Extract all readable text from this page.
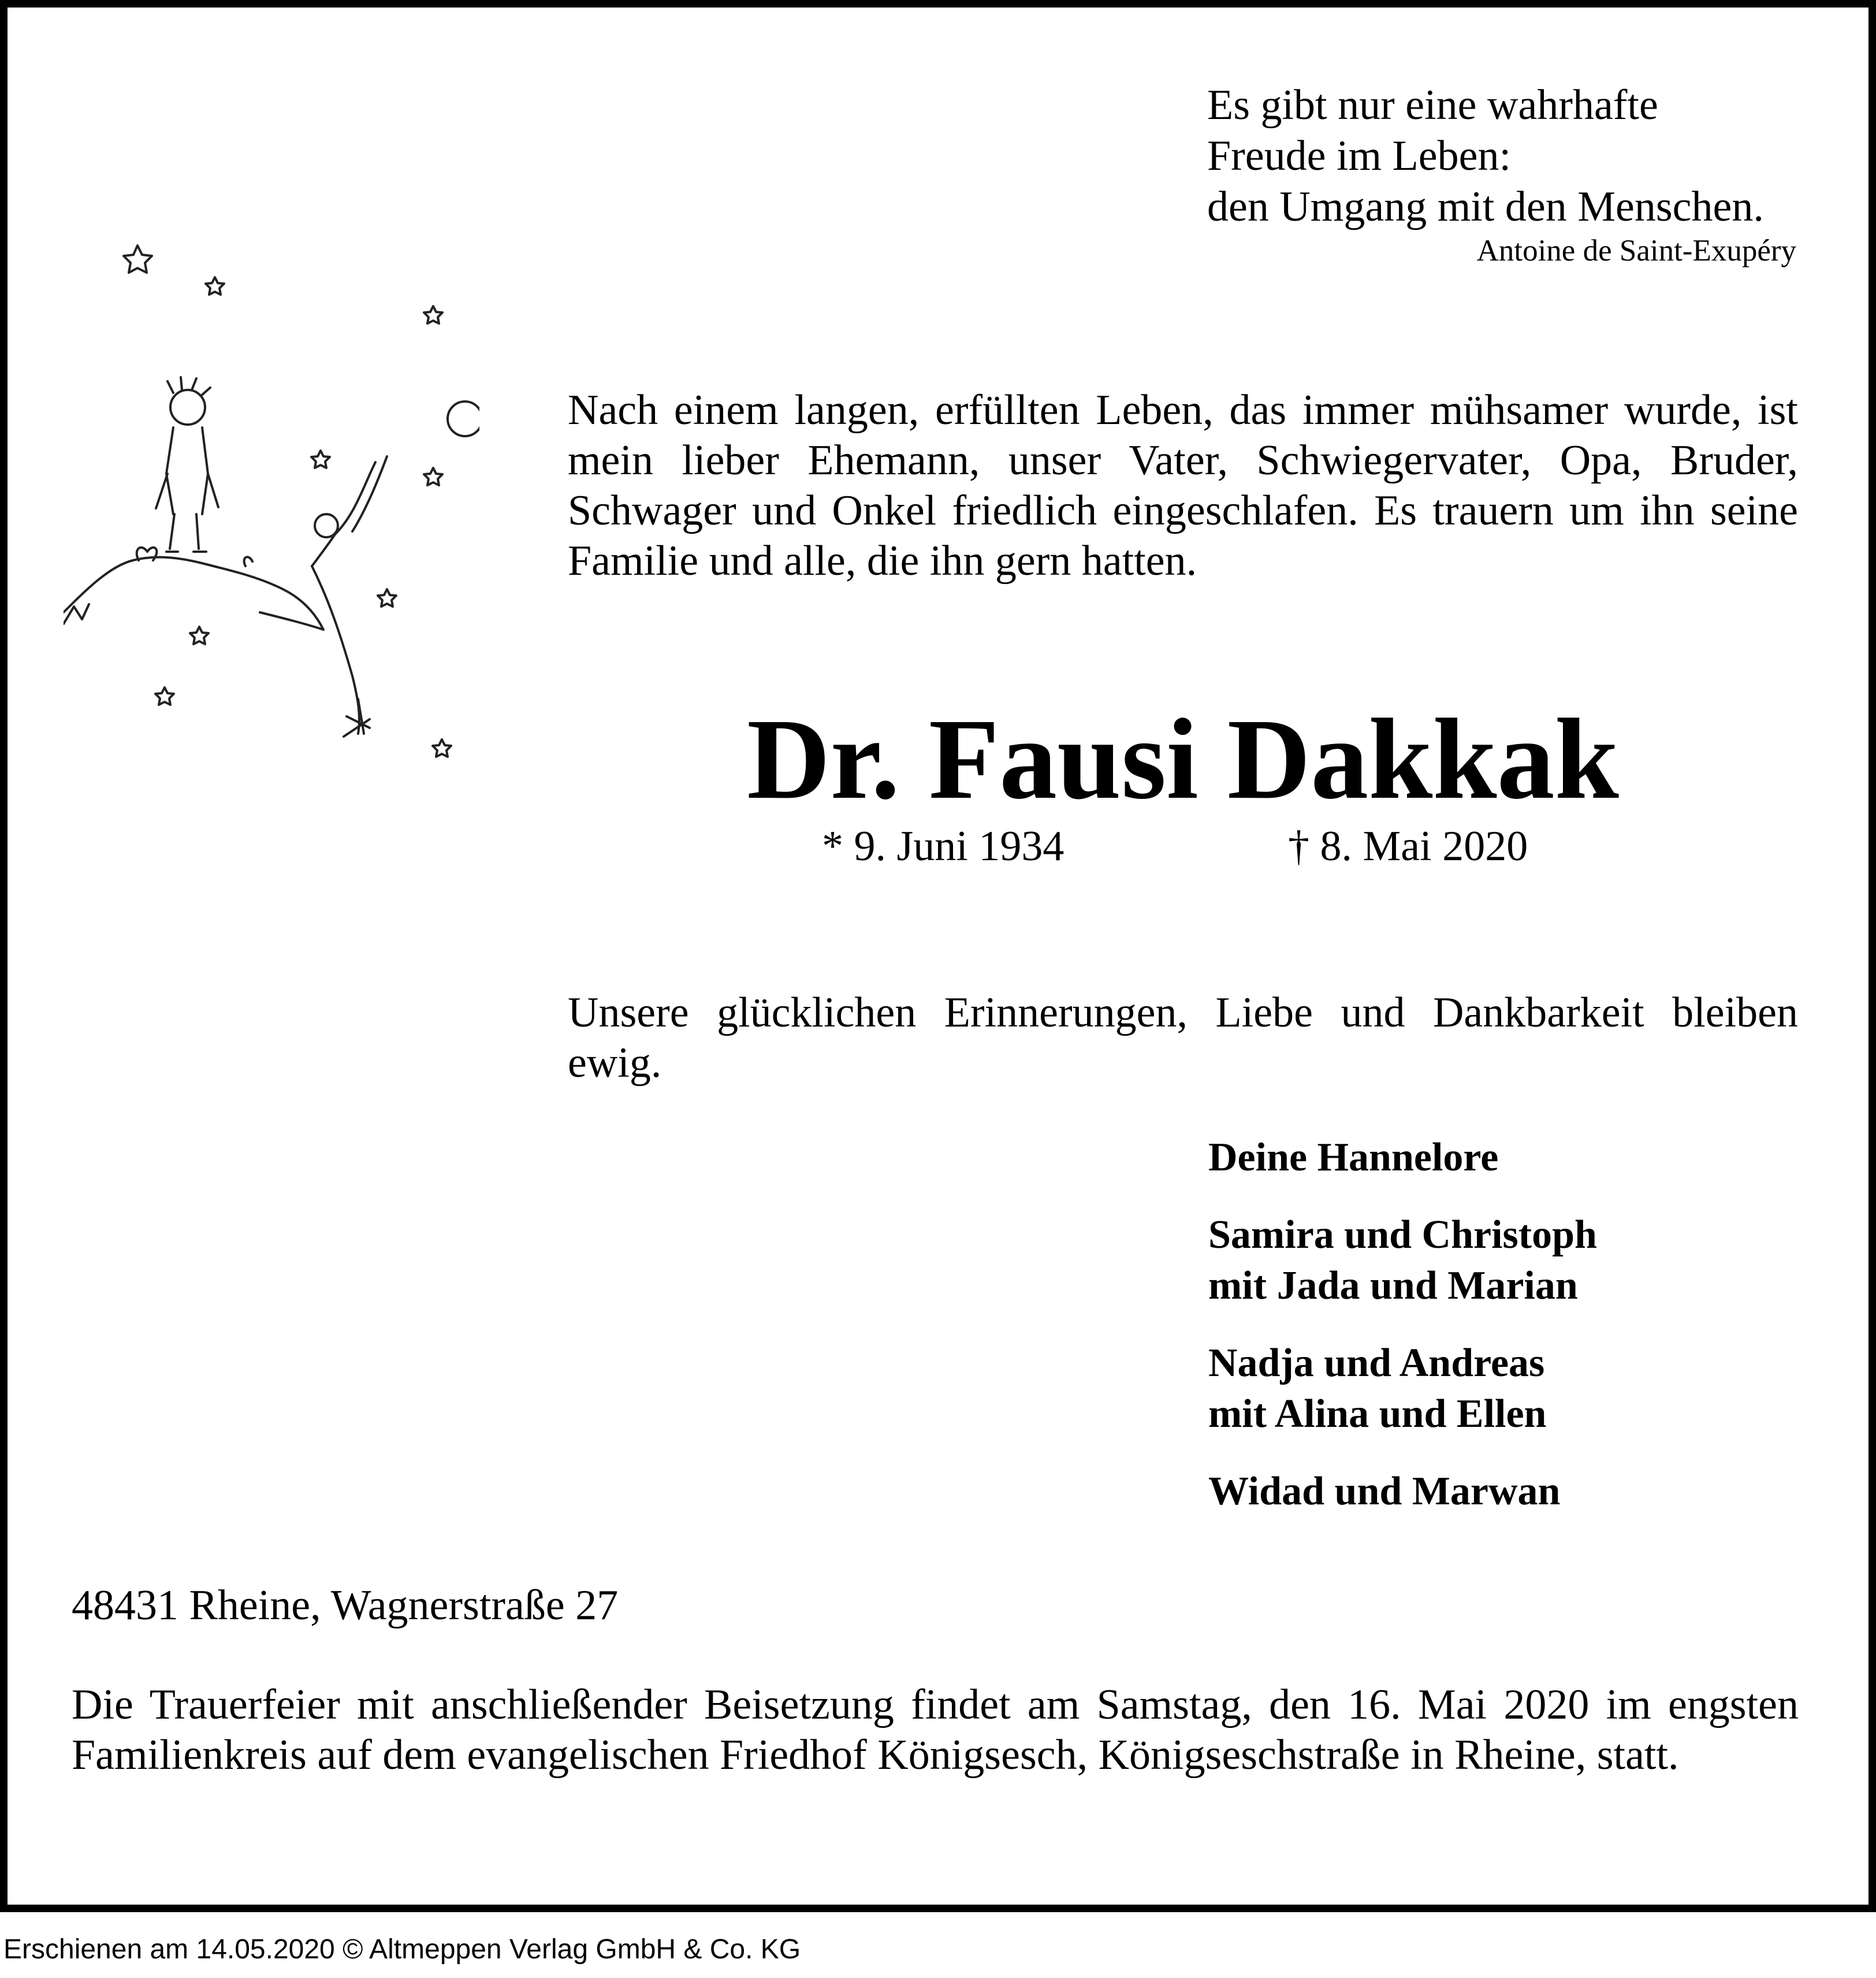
Es gibt nur eine wahrhafte
Freude im Leben:
den Umgang mit den Menschen.
Antoine de Saint-Exupéry

Nach einem langen, erfüllten Leben, das immer mühsamer wurde, ist mein lieber Ehemann, unser Vater, Schwiegervater, Opa, Bruder, Schwager und Onkel friedlich eingeschlafen. Es trauern um ihn seine Familie und alle, die ihn gern hatten.

Dr. Fausi Dakkak
* 9. Juni 1934	† 8. Mai 2020

Unsere glücklichen Erinnerungen, Liebe und Dankbarkeit bleiben ewig.

Deine Hannelore
Samira und Christoph
mit Jada und Marian
Nadja und Andreas
mit Alina und Ellen
Widad und Marwan
48431 Rheine, Wagnerstraße 27

Die Trauerfeier mit anschließender Beisetzung findet am Samstag, den 16. Mai 2020 im engsten Familienkreis auf dem evangelischen Friedhof Königsesch, Königseschstraße in Rheine, statt.

Erschienen am 14.05.2020 © Altmeppen Verlag GmbH & Co. KG
